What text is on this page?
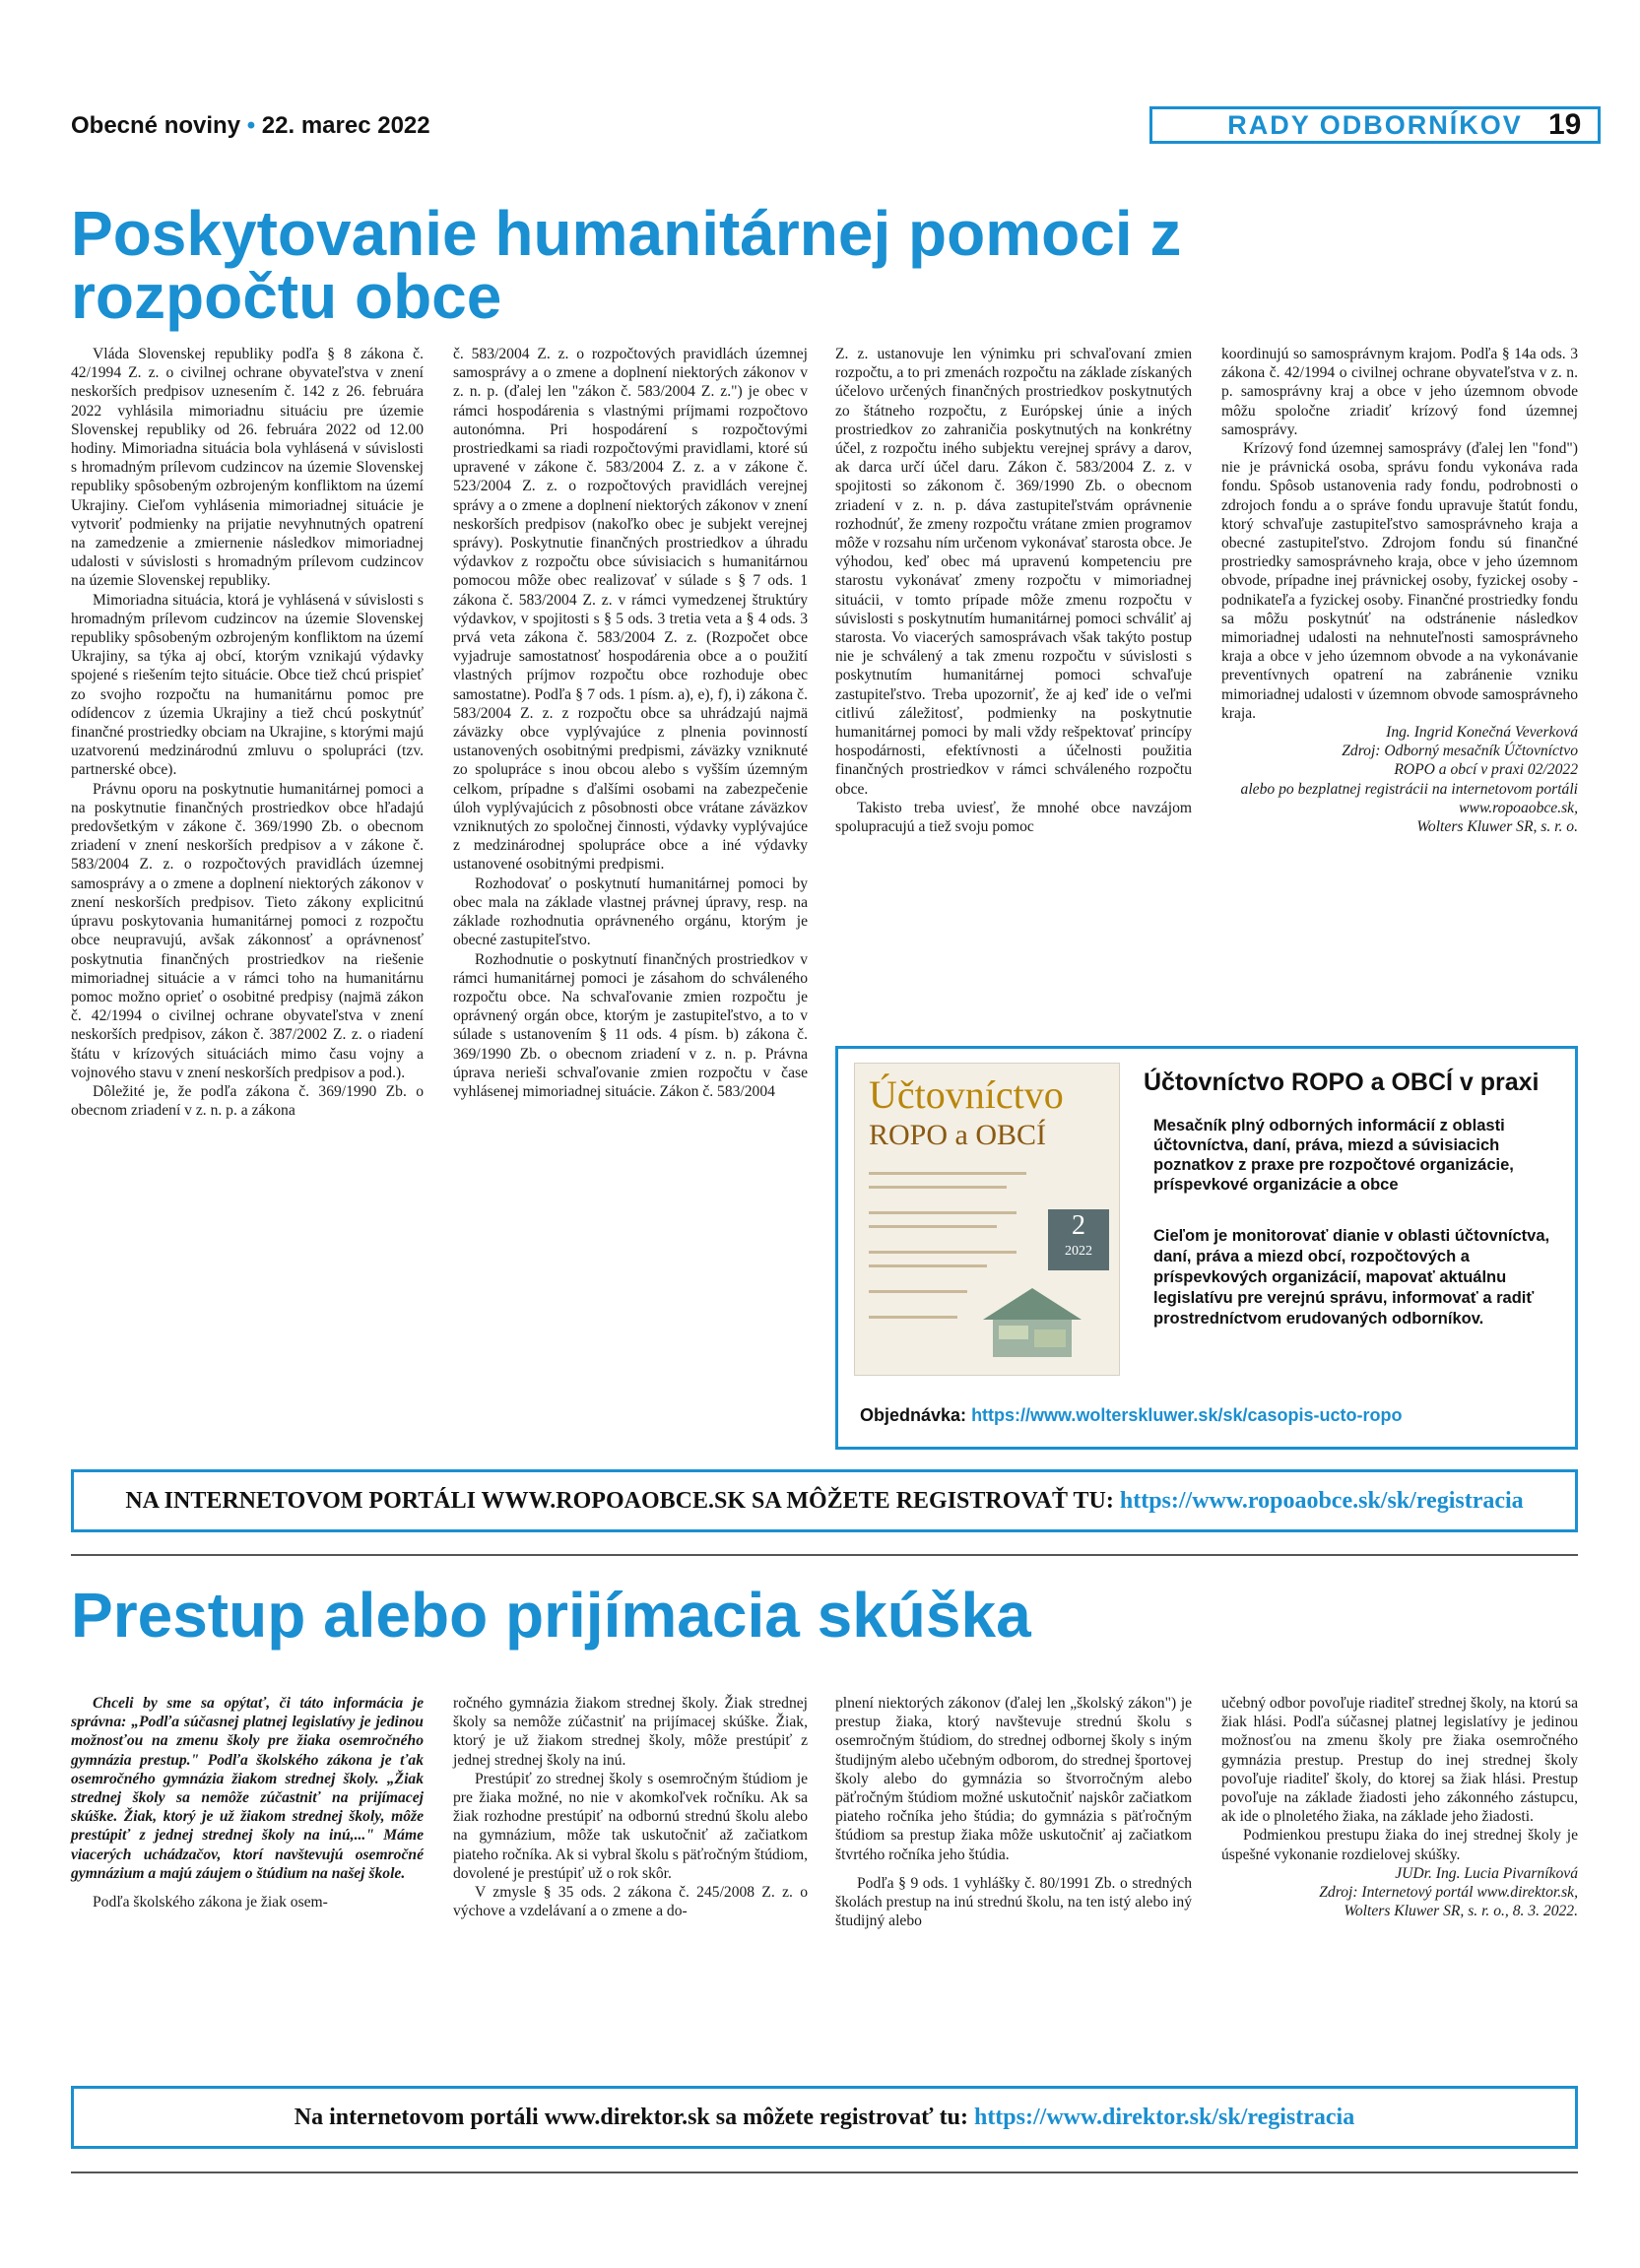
Obecné noviny • 22. marec 2022	RADY ODBORNÍKOV 19
Poskytovanie humanitárnej pomoci z rozpočtu obce

Vláda Slovenskej republiky podľa § 8 zákona č. 42/1994 Z. z. o civilnej ochrane obyvateľstva v znení neskorších predpisov uznesením č. 142 z 26. februára 2022 vyhlásila mimoriadnu situáciu pre územie Slovenskej republiky od 26. februára 2022 od 12.00 hodiny. Mimoriadna situácia bola vyhlásená v súvislosti s hromadným prílevom cudzincov na územie Slovenskej republiky spôsobeným ozbrojeným konfliktom na území Ukrajiny. Cieľom vyhlásenia mimoriadnej situácie je vytvoriť podmienky na prijatie nevyhnutných opatrení na zamedzenie a zmiernenie následkov mimoriadnej udalosti v súvislosti s hromadným prílevom cudzincov na územie Slovenskej republiky.

Mimoriadna situácia, ktorá je vyhlásená v súvislosti s hromadným prílevom cudzincov na územie Slovenskej republiky spôsobeným ozbrojeným konfliktom na území Ukrajiny, sa týka aj obcí, ktorým vznikajú výdavky spojené s riešením tejto situácie. Obce tiež chcú prispieť zo svojho rozpočtu na humanitárnu pomoc pre odídencov z územia Ukrajiny a tiež chcú poskytnúť finančné prostriedky obciam na Ukrajine, s ktorými majú uzatvorenú medzinárodnú zmluvu o spolupráci (tzv. partnerské obce).

Právnu oporu na poskytnutie humanitárnej pomoci a na poskytnutie finančných prostriedkov obce hľadajú predovšetkým v zákone č. 369/1990 Zb. o obecnom zriadení v znení neskorších predpisov a v zákone č. 583/2004 Z. z. o rozpočtových pravidlách územnej samosprávy a o zmene a doplnení niektorých zákonov v znení neskorších predpisov. Tieto zákony explicitnú úpravu poskytovania humanitárnej pomoci z rozpočtu obce neupravujú, avšak zákonnosť a oprávnenosť poskytnutia finančných prostriedkov na riešenie mimoriadnej situácie a v rámci toho na humanitárnu pomoc možno oprieť o osobitné predpisy (najmä zákon č. 42/1994 o civilnej ochrane obyvateľstva v znení neskorších predpisov, zákon č. 387/2002 Z. z. o riadení štátu v krízových situáciách mimo času vojny a vojnového stavu v znení neskorších predpisov a pod.).

Dôležité je, že podľa zákona č. 369/1990 Zb. o obecnom zriadení v z. n. p. a zákona

č. 583/2004 Z. z. o rozpočtových pravidlách územnej samosprávy a o zmene a doplnení niektorých zákonov v z. n. p. (ďalej len "zákon č. 583/2004 Z. z.") je obec v rámci hospodárenia s vlastnými príjmami rozpočtovo autonómna. Pri hospodárení s rozpočtovými prostriedkami sa riadi rozpočtovými pravidlami, ktoré sú upravené v zákone č. 583/2004 Z. z. a v zákone č. 523/2004 Z. z. o rozpočtových pravidlách verejnej správy a o zmene a doplnení niektorých zákonov v znení neskorších predpisov (nakoľko obec je subjekt verejnej správy). Poskytnutie finančných prostriedkov a úhradu výdavkov z rozpočtu obce súvisiacich s humanitárnou pomocou môže obec realizovať v súlade s § 7 ods. 1 zákona č. 583/2004 Z. z. v rámci vymedzenej štruktúry výdavkov, v spojitosti s § 5 ods. 3 tretia veta a § 4 ods. 3 prvá veta zákona č. 583/2004 Z. z. (Rozpočet obce vyjadruje samostatnosť hospodárenia obce a o použití vlastných príjmov rozpočtu obce rozhoduje obec samostatne). Podľa § 7 ods. 1 písm. a), e), f), i) zákona č. 583/2004 Z. z. z rozpočtu obce sa uhrádzajú najmä záväzky obce vyplývajúce z plnenia povinností ustanovených osobitnými predpismi, záväzky vzniknuté zo spolupráce s inou obcou alebo s vyšším územným celkom, prípadne s ďalšími osobami na zabezpečenie úloh vyplývajúcich z pôsobnosti obce vrátane záväzkov vzniknutých zo spoločnej činnosti, výdavky vyplývajúce z medzinárodnej spolupráce obce a iné výdavky ustanovené osobitnými predpismi.

Rozhodovať o poskytnutí humanitárnej pomoci by obec mala na základe vlastnej právnej úpravy, resp. na základe rozhodnutia oprávneného orgánu, ktorým je obecné zastupiteľstvo.

Rozhodnutie o poskytnutí finančných prostriedkov v rámci humanitárnej pomoci je zásahom do schváleného rozpočtu obce. Na schvaľovanie zmien rozpočtu je oprávnený orgán obce, ktorým je zastupiteľstvo, a to v súlade s ustanovením § 11 ods. 4 písm. b) zákona č. 369/1990 Zb. o obecnom zriadení v z. n. p. Právna úprava nerieši schvaľovanie zmien rozpočtu v čase vyhlásenej mimoriadnej situácie. Zákon č. 583/2004

Z. z. ustanovuje len výnimku pri schvaľovaní zmien rozpočtu, a to pri zmenách rozpočtu na základe získaných účelovo určených finančných prostriedkov poskytnutých zo štátneho rozpočtu, z Európskej únie a iných prostriedkov zo zahraničia poskytnutých na konkrétny účel, z rozpočtu iného subjektu verejnej správy a darov, ak darca určí účel daru. Zákon č. 583/2004 Z. z. v spojitosti so zákonom č. 369/1990 Zb. o obecnom zriadení v z. n. p. dáva zastupiteľstvám oprávnenie rozhodnúť, že zmeny rozpočtu vrátane zmien programov môže v rozsahu ním určenom vykonávať starosta obce. Je výhodou, keď obec má upravenú kompetenciu pre starostu vykonávať zmeny rozpočtu v mimoriadnej situácii, v tomto prípade môže zmenu rozpočtu v súvislosti s poskytnutím humanitárnej pomoci schváliť aj starosta. Vo viacerých samosprávach však takýto postup nie je schválený a tak zmenu rozpočtu v súvislosti s poskytnutím humanitárnej pomoci schvaľuje zastupiteľstvo. Treba upozorniť, že aj keď ide o veľmi citlivú záležitosť, podmienky na poskytnutie humanitárnej pomoci by mali vždy rešpektovať princípy hospodárnosti, efektívnosti a účelnosti použitia finančných prostriedkov v rámci schváleného rozpočtu obce.

Takisto treba uviesť, že mnohé obce navzájom spolupracujú a tiež svoju pomoc

koordinujú so samosprávnym krajom. Podľa § 14a ods. 3 zákona č. 42/1994 o civilnej ochrane obyvateľstva v z. n. p. samosprávny kraj a obce v jeho územnom obvode môžu spoločne zriadiť krízový fond územnej samosprávy.

Krízový fond územnej samosprávy (ďalej len "fond") nie je právnická osoba, správu fondu vykonáva rada fondu. Spôsob ustanovenia rady fondu, podrobnosti o zdrojoch fondu a o správe fondu upravuje štatút fondu, ktorý schvaľuje zastupiteľstvo samosprávneho kraja a obecné zastupiteľstvo. Zdrojom fondu sú finančné prostriedky samosprávneho kraja, obce v jeho územnom obvode, prípadne inej právnickej osoby, fyzickej osoby - podnikateľa a fyzickej osoby. Finančné prostriedky fondu sa môžu poskytnúť na odstránenie následkov mimoriadnej udalosti na nehnuteľnosti samosprávneho kraja a obce v jeho územnom obvode a na vykonávanie preventívnych opatrení na zabránenie vzniku mimoriadnej udalosti v územnom obvode samosprávneho kraja.

Ing. Ingrid Konečná Veverková

Zdroj: Odborný mesačník Účtovníctvo

ROPO a obcí v praxi 02/2022

alebo po bezplatnej registrácii na internetovom portáli www.ropoaobce.sk,

Wolters Kluwer SR, s. r. o.

Účtovníctvo
ROPO a OBCÍ
2
2022
Účtovníctvo ROPO a OBCÍ v praxi
Mesačník plný odborných informácií z oblasti účtovníctva, daní, práva, miezd a súvisiacich poznatkov z praxe pre rozpočtové organizácie, príspevkové organizácie a obce
Cieľom je monitorovať dianie v oblasti účtovníctva, daní, práva a miezd obcí, rozpočtových a príspevkových organizácií, mapovať aktuálnu legislatívu pre verejnú správu, informovať a radiť prostredníctvom erudovaných odborníkov.
Objednávka: https://www.wolterskluwer.sk/sk/casopis-ucto-ropo
NA INTERNETOVOM PORTÁLI WWW.ROPOAOBCE.SK SA MÔŽETE REGISTROVAŤ TU: https://www.ropoaobce.sk/sk/registracia
Prestup alebo prijímacia skúška

Chceli by sme sa opýtať, či táto informácia je správna: „Podľa súčasnej platnej legislatívy je jedinou možnosťou na zmenu školy pre žiaka osemročného gymnázia prestup." Podľa školského zákona je ťak osemročného gymnázia žiakom strednej školy. „Žiak strednej školy sa nemôže zúčastniť na prijímacej skúške. Žiak, ktorý je už žiakom strednej školy, môže prestúpiť z jednej strednej školy na inú,..." Máme viacerých uchádzačov, ktorí navštevujú osemročné gymnázium a majú záujem o štúdium na našej škole.

Podľa školského zákona je žiak osem-

ročného gymnázia žiakom strednej školy. Žiak strednej školy sa nemôže zúčastniť na prijímacej skúške. Žiak, ktorý je už žiakom strednej školy, môže prestúpiť z jednej strednej školy na inú.

Prestúpiť zo strednej školy s osemročným štúdiom je pre žiaka možné, no nie v akomkoľvek ročníku. Ak sa žiak rozhodne prestúpiť na odbornú strednú školu alebo na gymnázium, môže tak uskutočniť až začiatkom piateho ročníka. Ak si vybral školu s päťročným štúdiom, dovolené je prestúpiť už o rok skôr.

V zmysle § 35 ods. 2 zákona č. 245/2008 Z. z. o výchove a vzdelávaní a o zmene a do-

plnení niektorých zákonov (ďalej len „školský zákon") je prestup žiaka, ktorý navštevuje strednú školu s osemročným štúdiom, do strednej odbornej školy s iným študijným alebo učebným odborom, do strednej športovej školy alebo do gymnázia so štvorročným alebo päťročným štúdiom možné uskutočniť najskôr začiatkom piateho ročníka jeho štúdia; do gymnázia s päťročným štúdiom sa prestup žiaka môže uskutočniť aj začiatkom štvrtého ročníka jeho štúdia.

Podľa § 9 ods. 1 vyhlášky č. 80/1991 Zb. o stredných školách prestup na inú strednú školu, na ten istý alebo iný študijný alebo

učebný odbor povoľuje riaditeľ strednej školy, na ktorú sa žiak hlási. Podľa súčasnej platnej legislatívy je jedinou možnosťou na zmenu školy pre žiaka osemročného gymnázia prestup. Prestup do inej strednej školy povoľuje riaditeľ školy, do ktorej sa žiak hlási. Prestup povoľuje na základe žiadosti jeho zákonného zástupcu, ak ide o plnoletého žiaka, na základe jeho žiadosti.

Podmienkou prestupu žiaka do inej strednej školy je úspešné vykonanie rozdielovej skúšky.

JUDr. Ing. Lucia Pivarníková

Zdroj: Internetový portál www.direktor.sk,

Wolters Kluwer SR, s. r. o., 8. 3. 2022.

Na internetovom portáli www.direktor.sk sa môžete registrovať tu: https://www.direktor.sk/sk/registracia
